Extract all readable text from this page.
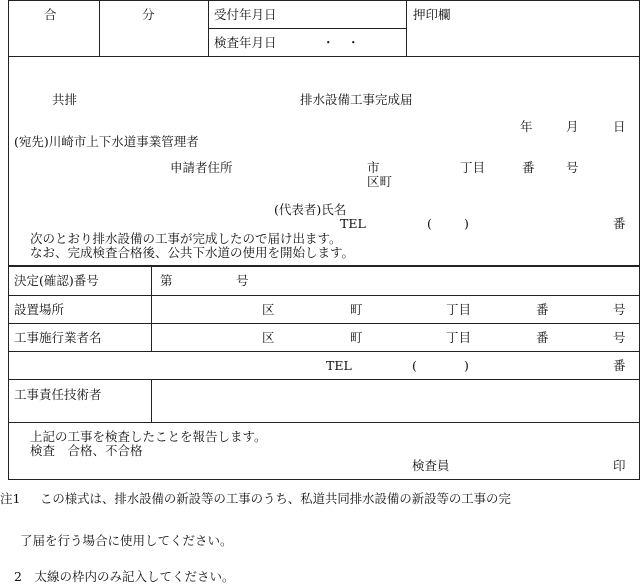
合	分	受付年月日
検査年月日	・　・
押印欄
共排	排水設備工事完成届
年	月	日
(宛先)川崎市上下水道事業管理者
申請者住所	市
区町
丁目	番	号
(代表者)氏名
TEL	(	)	番
次のとおり排水設備の工事が完成したので届け出ます。
なお、完成検査合格後、公共下水道の使用を開始します。
決定(確認)番号	第	号
設置場所	区	町	丁目	番	号
工事施行業者名	区	町	丁目	番	号
TEL	(	)	番
工事責任技術者
上記の工事を検査したことを報告します。
検査　合格、不合格
検査員	印
注1 この様式は、排水設備の新設等の工事のうち、私道共同排水設備の新設等の工事の完
了届を行う場合に使用してください。
2　太線の枠内のみ記入してください。
